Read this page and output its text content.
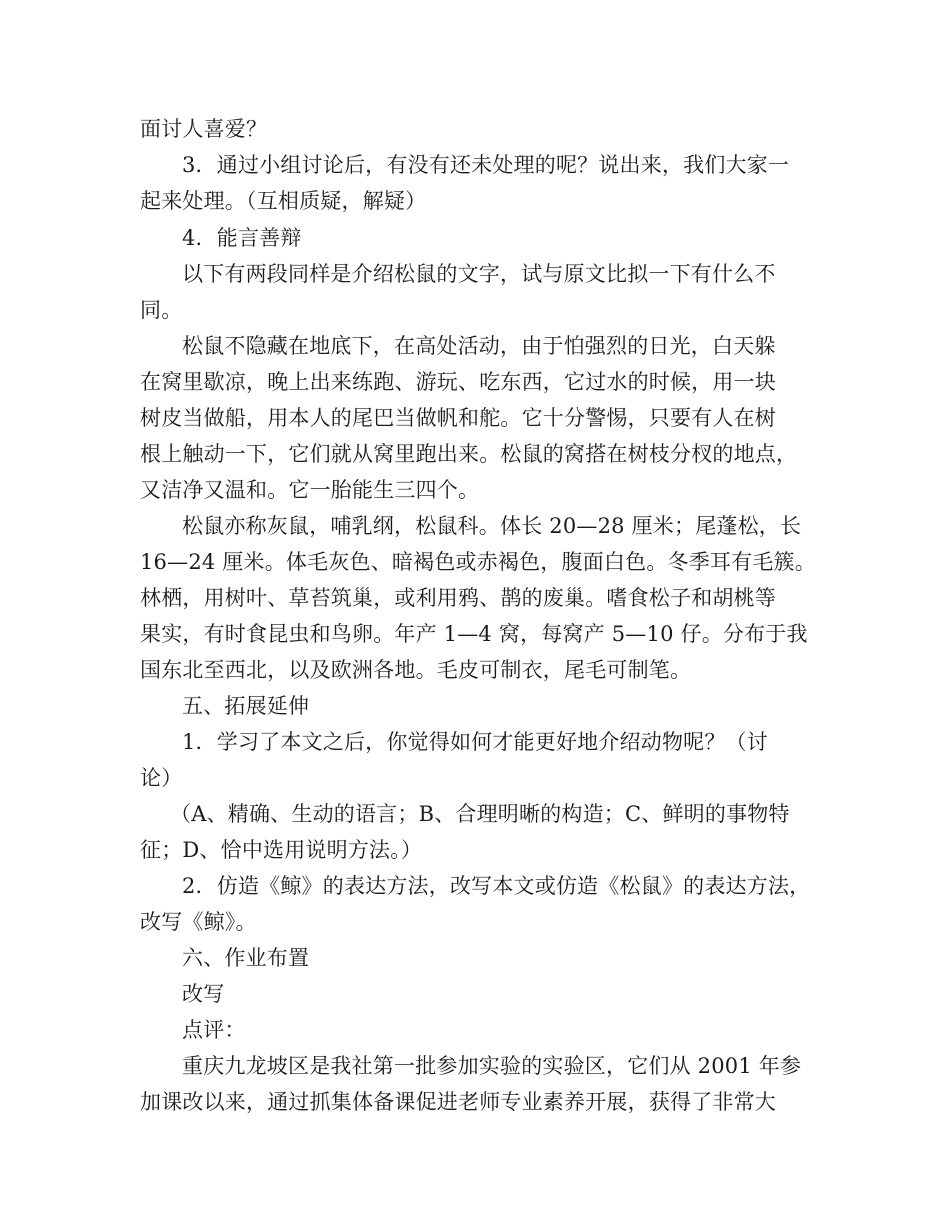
面讨人喜爱？
3．通过小组讨论后，有没有还未处理的呢？说出来，我们大家一
起来处理。（互相质疑，解疑）
4．能言善辩
以下有两段同样是介绍松鼠的文字，试与原文比拟一下有什么不
同。
松鼠不隐藏在地底下，在高处活动，由于怕强烈的日光，白天躲
在窝里歇凉，晚上出来练跑、游玩、吃东西，它过水的时候，用一块
树皮当做船，用本人的尾巴当做帆和舵。它十分警惕，只要有人在树
根上触动一下，它们就从窝里跑出来。松鼠的窝搭在树枝分杈的地点，
又洁净又温和。它一胎能生三四个。
松鼠亦称灰鼠，哺乳纲，松鼠科。体长 20—28 厘米；尾蓬松，长
16—24 厘米。体毛灰色、暗褐色或赤褐色，腹面白色。冬季耳有毛簇。
林栖，用树叶、草苔筑巢，或利用鸦、鹊的废巢。嗜食松子和胡桃等
果实，有时食昆虫和鸟卵。年产 1—4 窝，每窝产 5—10 仔。分布于我
国东北至西北，以及欧洲各地。毛皮可制衣，尾毛可制笔。
五、拓展延伸
1．学习了本文之后，你觉得如何才能更好地介绍动物呢？（讨
论）
（A、精确、生动的语言；B、合理明晰的构造；C、鲜明的事物特
征；D、恰中选用说明方法。）
2．仿造《鲸》的表达方法，改写本文或仿造《松鼠》的表达方法，
改写《鲸》。
六、作业布置
改写
点评：
重庆九龙坡区是我社第一批参加实验的实验区，它们从 2001 年参
加课改以来，通过抓集体备课促进老师专业素养开展，获得了非常大
